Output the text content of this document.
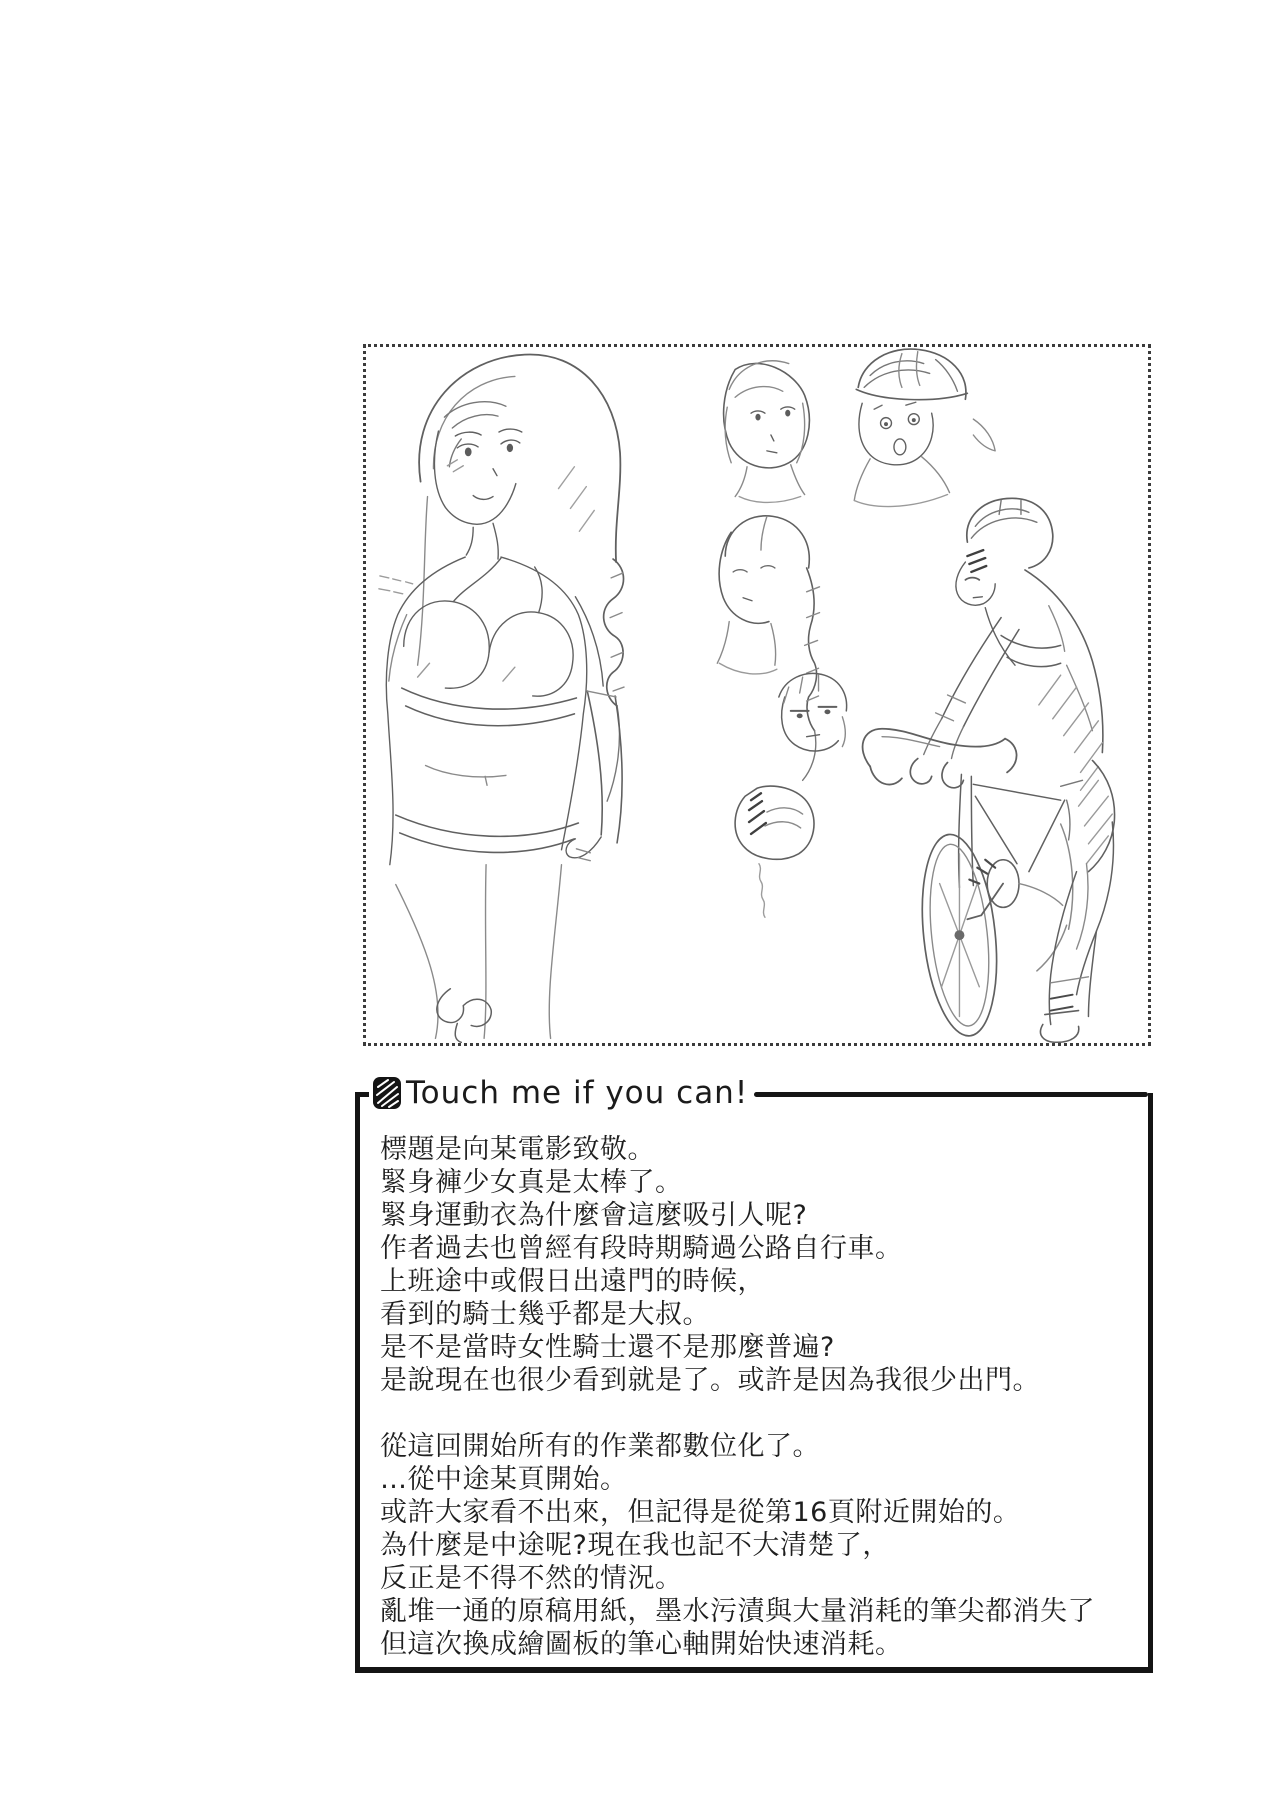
Touch me if you can!
標題是向某電影致敬。
緊身褲少女真是太棒了。
緊身運動衣為什麼會這麼吸引人呢?
作者過去也曾經有段時期騎過公路自行車。
上班途中或假日出遠門的時候，
看到的騎士幾乎都是大叔。
是不是當時女性騎士還不是那麼普遍?
是說現在也很少看到就是了。或許是因為我很少出門。
從這回開始所有的作業都數位化了。
…從中途某頁開始。
或許大家看不出來，但記得是從第16頁附近開始的。
為什麼是中途呢?現在我也記不大清楚了，
反正是不得不然的情況。
亂堆一通的原稿用紙，墨水污漬與大量消耗的筆尖都消失了
但這次換成繪圖板的筆心軸開始快速消耗。
